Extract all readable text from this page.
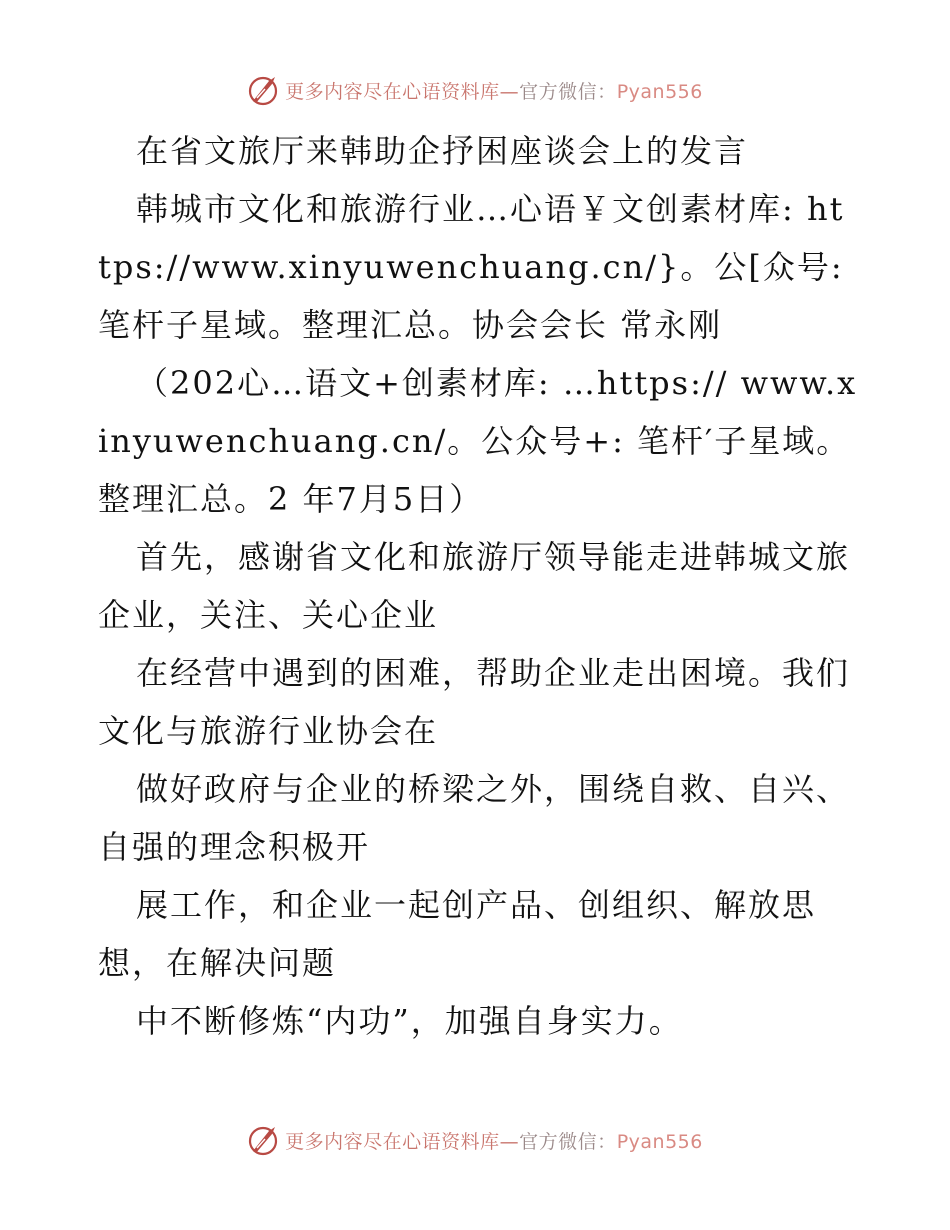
更多内容尽在心语资料库—官方微信：Pyan556

在省文旅厅来韩助企抒困座谈会上的发言

韩城市文化和旅游行业…心语￥文创素材库: https://www.xinyuwenchuang.cn/}。公[众号: 笔杆子星域。整理汇总。协会会长 常永刚

（202心…语文+创素材库: …https:// www.xinyuwenchuang.cn/。公众号+: 笔杆′子星域。整理汇总。2 年7月5日）

首先，感谢省文化和旅游厅领导能走进韩城文旅企业，关注、关心企业

在经营中遇到的困难，帮助企业走出困境。我们文化与旅游行业协会在

做好政府与企业的桥梁之外，围绕自救、自兴、自强的理念积极开

展工作，和企业一起创产品、创组织、解放思想，在解决问题

中不断修炼“内功”，加强自身实力。

更多内容尽在心语资料库—官方微信：Pyan556
